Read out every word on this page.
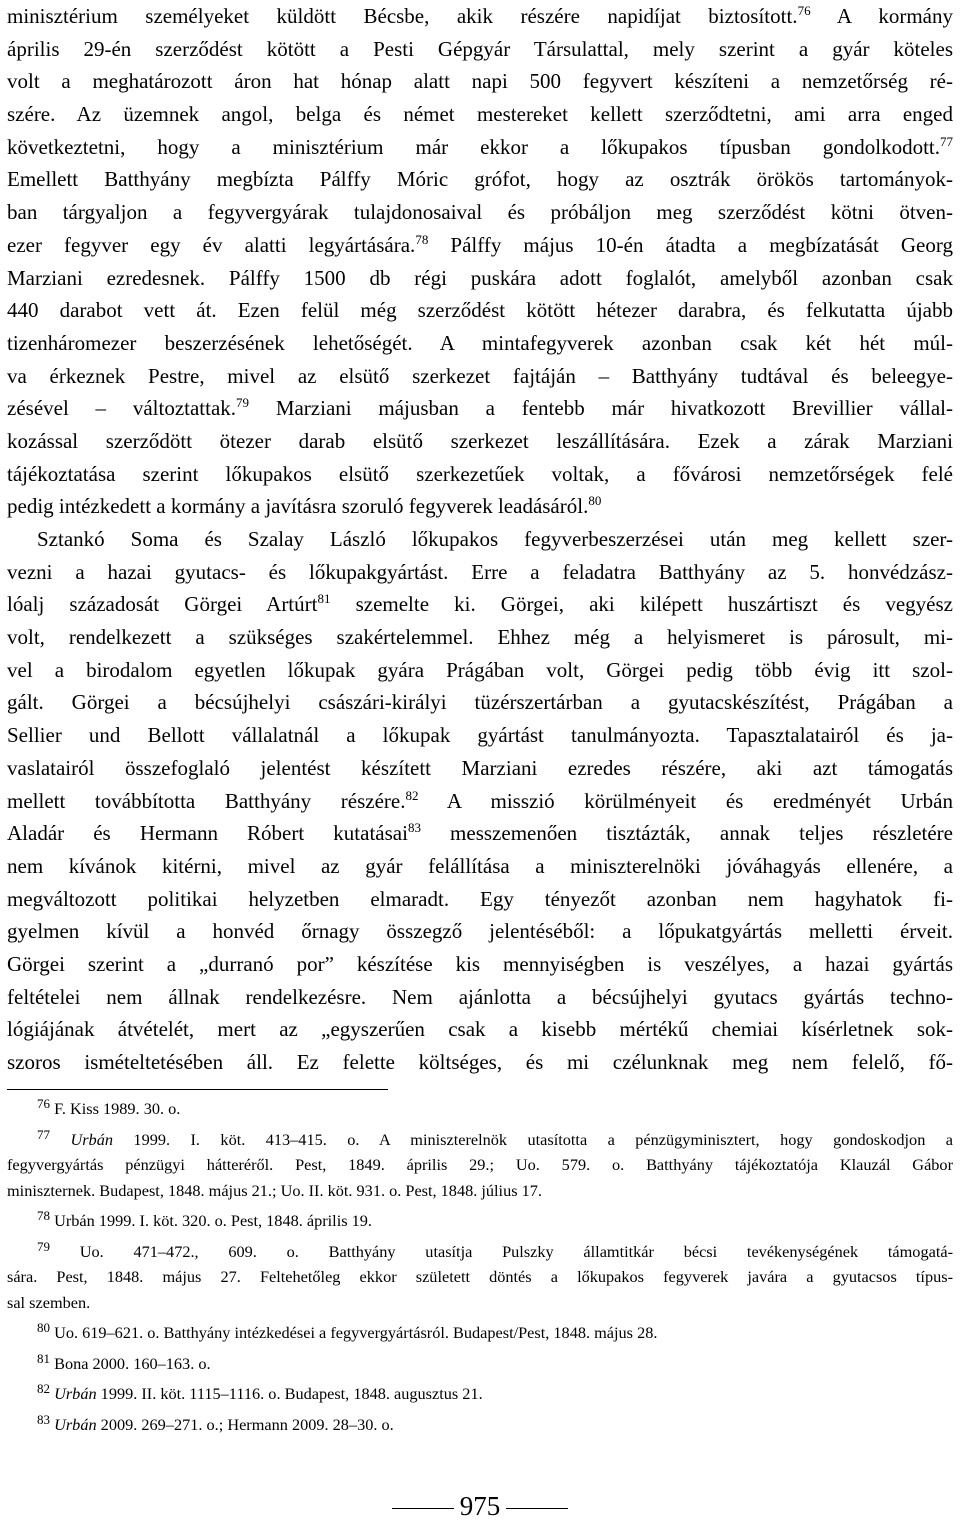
minisztérium személyeket küldött Bécsbe, akik részére napidíjat biztosított.$^{76}$ A kormány
április 29-én szerződést kötött a Pesti Gépgyár Társulattal, mely szerint a gyár köteles
volt a meghatározott áron hat hónap alatt napi 500 fegyvert készíteni a nemzetőrség ré-
szére. Az üzemnek angol, belga és német mestereket kellett szerződtetni, ami arra enged
következtetni, hogy a minisztérium már ekkor a lőkupakos típusban gondolkodott.$^{77}$
Emellett Batthyány megbízta Pálffy Móric grófot, hogy az osztrák örökös tartományok-
ban tárgyaljon a fegyvergyárak tulajdonosaival és próbáljon meg szerződést kötni ötven-
ezer fegyver egy év alatti legyártására.$^{78}$ Pálffy május 10-én átadta a megbízatását Georg
Marziani ezredesnek. Pálffy 1500 db régi puskára adott foglalót, amelyből azonban csak
440 darabot vett át. Ezen felül még szerződést kötött hétezer darabra, és felkutatta újabb
tizenháromezer beszerzésének lehetőségét. A mintafegyverek azonban csak két hét múl-
va érkeznek Pestre, mivel az elsütő szerkezet fajtáján – Batthyány tudtával és beleegye-
zésével – változtattak.$^{79}$ Marziani májusban a fentebb már hivatkozott Brevillier vállal-
kozással szerződött ötezer darab elsütő szerkezet leszállítására. Ezek a zárak Marziani
tájékoztatása szerint lőkupakos elsütő szerkezetűek voltak, a fővárosi nemzetőrségek felé
pedig intézkedett a kormány a javításra szoruló fegyverek leadásáról.$^{80}$
Sztankó Soma és Szalay László lőkupakos fegyverbeszerzései után meg kellett szer-
vezni a hazai gyutacs- és lőkupakgyártást. Erre a feladatra Batthyány az 5. honvédzász-
lóalj századosát Görgei Artúrt$^{81}$ szemelte ki. Görgei, aki kilépett huszártiszt és vegyész
volt, rendelkezett a szükséges szakértelemmel. Ehhez még a helyismeret is párosult, mi-
vel a birodalom egyetlen lőkupak gyára Prágában volt, Görgei pedig több évig itt szol-
gált. Görgei a bécsújhelyi császári-királyi tüzérszertárban a gyutacskészítést, Prágában a
Sellier und Bellott vállalatnál a lőkupak gyártást tanulmányozta. Tapasztalatairól és ja-
vaslatairól összefoglaló jelentést készített Marziani ezredes részére, aki azt támogatás
mellett továbbította Batthyány részére.$^{82}$ A misszió körülményeit és eredményét Urbán
Aladár és Hermann Róbert kutatásai$^{83}$ messzemenően tisztázták, annak teljes részletére
nem kívánok kitérni, mivel az gyár felállítása a miniszterelnöki jóváhagyás ellenére, a
megváltozott politikai helyzetben elmaradt. Egy tényezőt azonban nem hagyhatok fi-
gyelmen kívül a honvéd őrnagy összegző jelentéséből: a lőpukatgyártás melletti érveit.
Görgei szerint a „durranó por” készítése kis mennyiségben is veszélyes, a hazai gyártás
feltételei nem állnak rendelkezésre. Nem ajánlotta a bécsújhelyi gyutacs gyártás techno-
lógiájának átvételét, mert az „egyszerűen csak a kisebb mértékű chemiai kísérletnek sok-
szoros ismételtetésében áll. Ez felette költséges, és mi czélunknak meg nem felelő, fő-
$^{76}$ F. Kiss 1989. 30. o.
$^{77}$ Urbán 1999. I. köt. 413–415. o. A miniszterelnök utasította a pénzügyminisztert, hogy gondoskodjon a
fegyvergyártás pénzügyi hátteréről. Pest, 1849. április 29.; Uo. 579. o. Batthyány tájékoztatója Klauzál Gábor
miniszternek. Budapest, 1848. május 21.; Uo. II. köt. 931. o. Pest, 1848. július 17.
$^{78}$ Urbán 1999. I. köt. 320. o. Pest, 1848. április 19.
$^{79}$ Uo. 471–472., 609. o. Batthyány utasítja Pulszky államtitkár bécsi tevékenységének támogatá-
sára. Pest, 1848. május 27. Feltehetőleg ekkor született döntés a lőkupakos fegyverek javára a gyutacsos típus-
sal szemben.
$^{80}$ Uo. 619–621. o. Batthyány intézkedései a fegyvergyártásról. Budapest/Pest, 1848. május 28.
$^{81}$ Bona 2000. 160–163. o.
$^{82}$ Urbán 1999. II. köt. 1115–1116. o. Budapest, 1848. augusztus 21.
$^{83}$ Urbán 2009. 269–271. o.; Hermann 2009. 28–30. o.
975
